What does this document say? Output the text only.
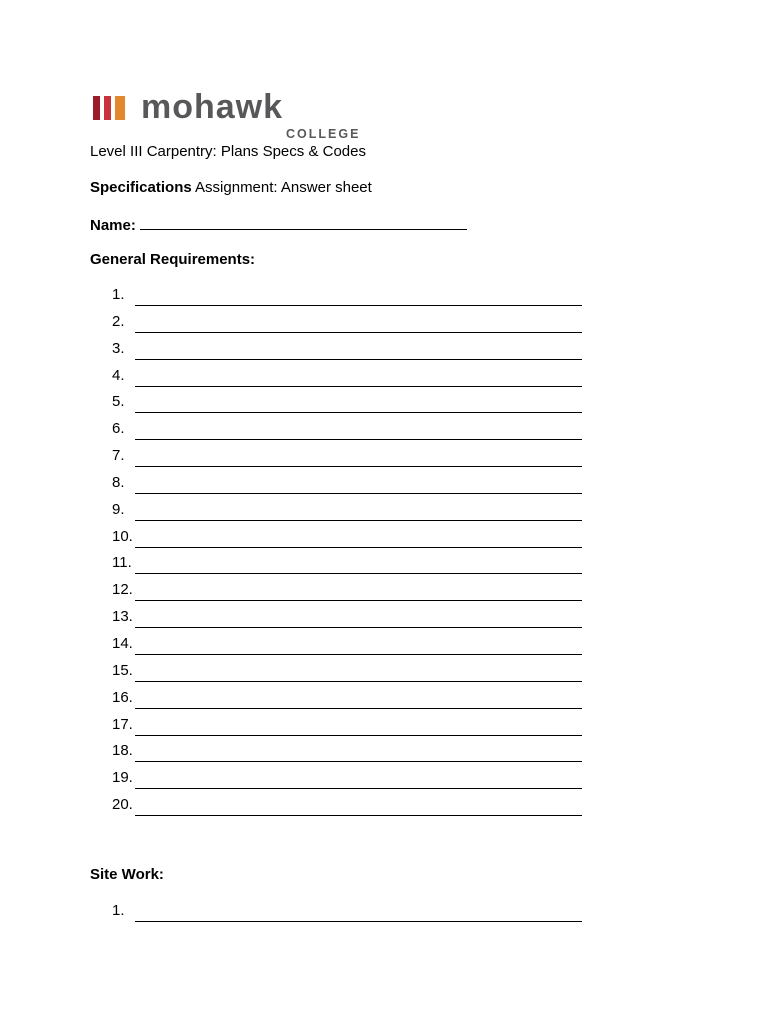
mohawk
COLLEGE
Level III Carpentry: Plans Specs & Codes
Specifications Assignment: Answer sheet
Name:
General Requirements:
1.
2.
3.
4.
5.
6.
7.
8.
9.
10.
11.
12.
13.
14.
15.
16.
17.
18.
19.
20.
Site Work:
1.
